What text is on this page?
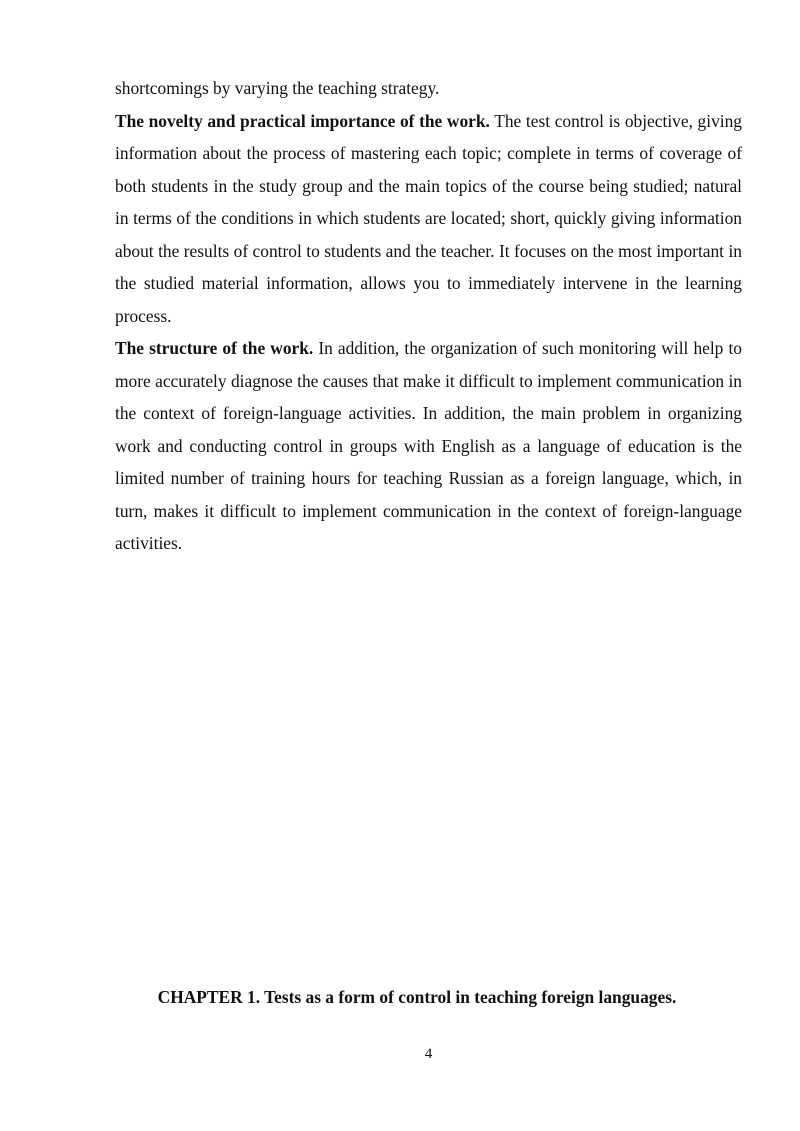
shortcomings by varying the teaching strategy.

The novelty and practical importance of the work. The test control is objective, giving information about the process of mastering each topic; complete in terms of coverage of both students in the study group and the main topics of the course being studied; natural in terms of the conditions in which students are located; short, quickly giving information about the results of control to students and the teacher. It focuses on the most important in the studied material information, allows you to immediately intervene in the learning process.

The structure of the work. In addition, the organization of such monitoring will help to more accurately diagnose the causes that make it difficult to implement communication in the context of foreign-language activities. In addition, the main problem in organizing work and conducting control in groups with English as a language of education is the limited number of training hours for teaching Russian as a foreign language, which, in turn, makes it difficult to implement communication in the context of foreign-language activities.

CHAPTER 1. Tests as a form of control in teaching foreign languages.
4
